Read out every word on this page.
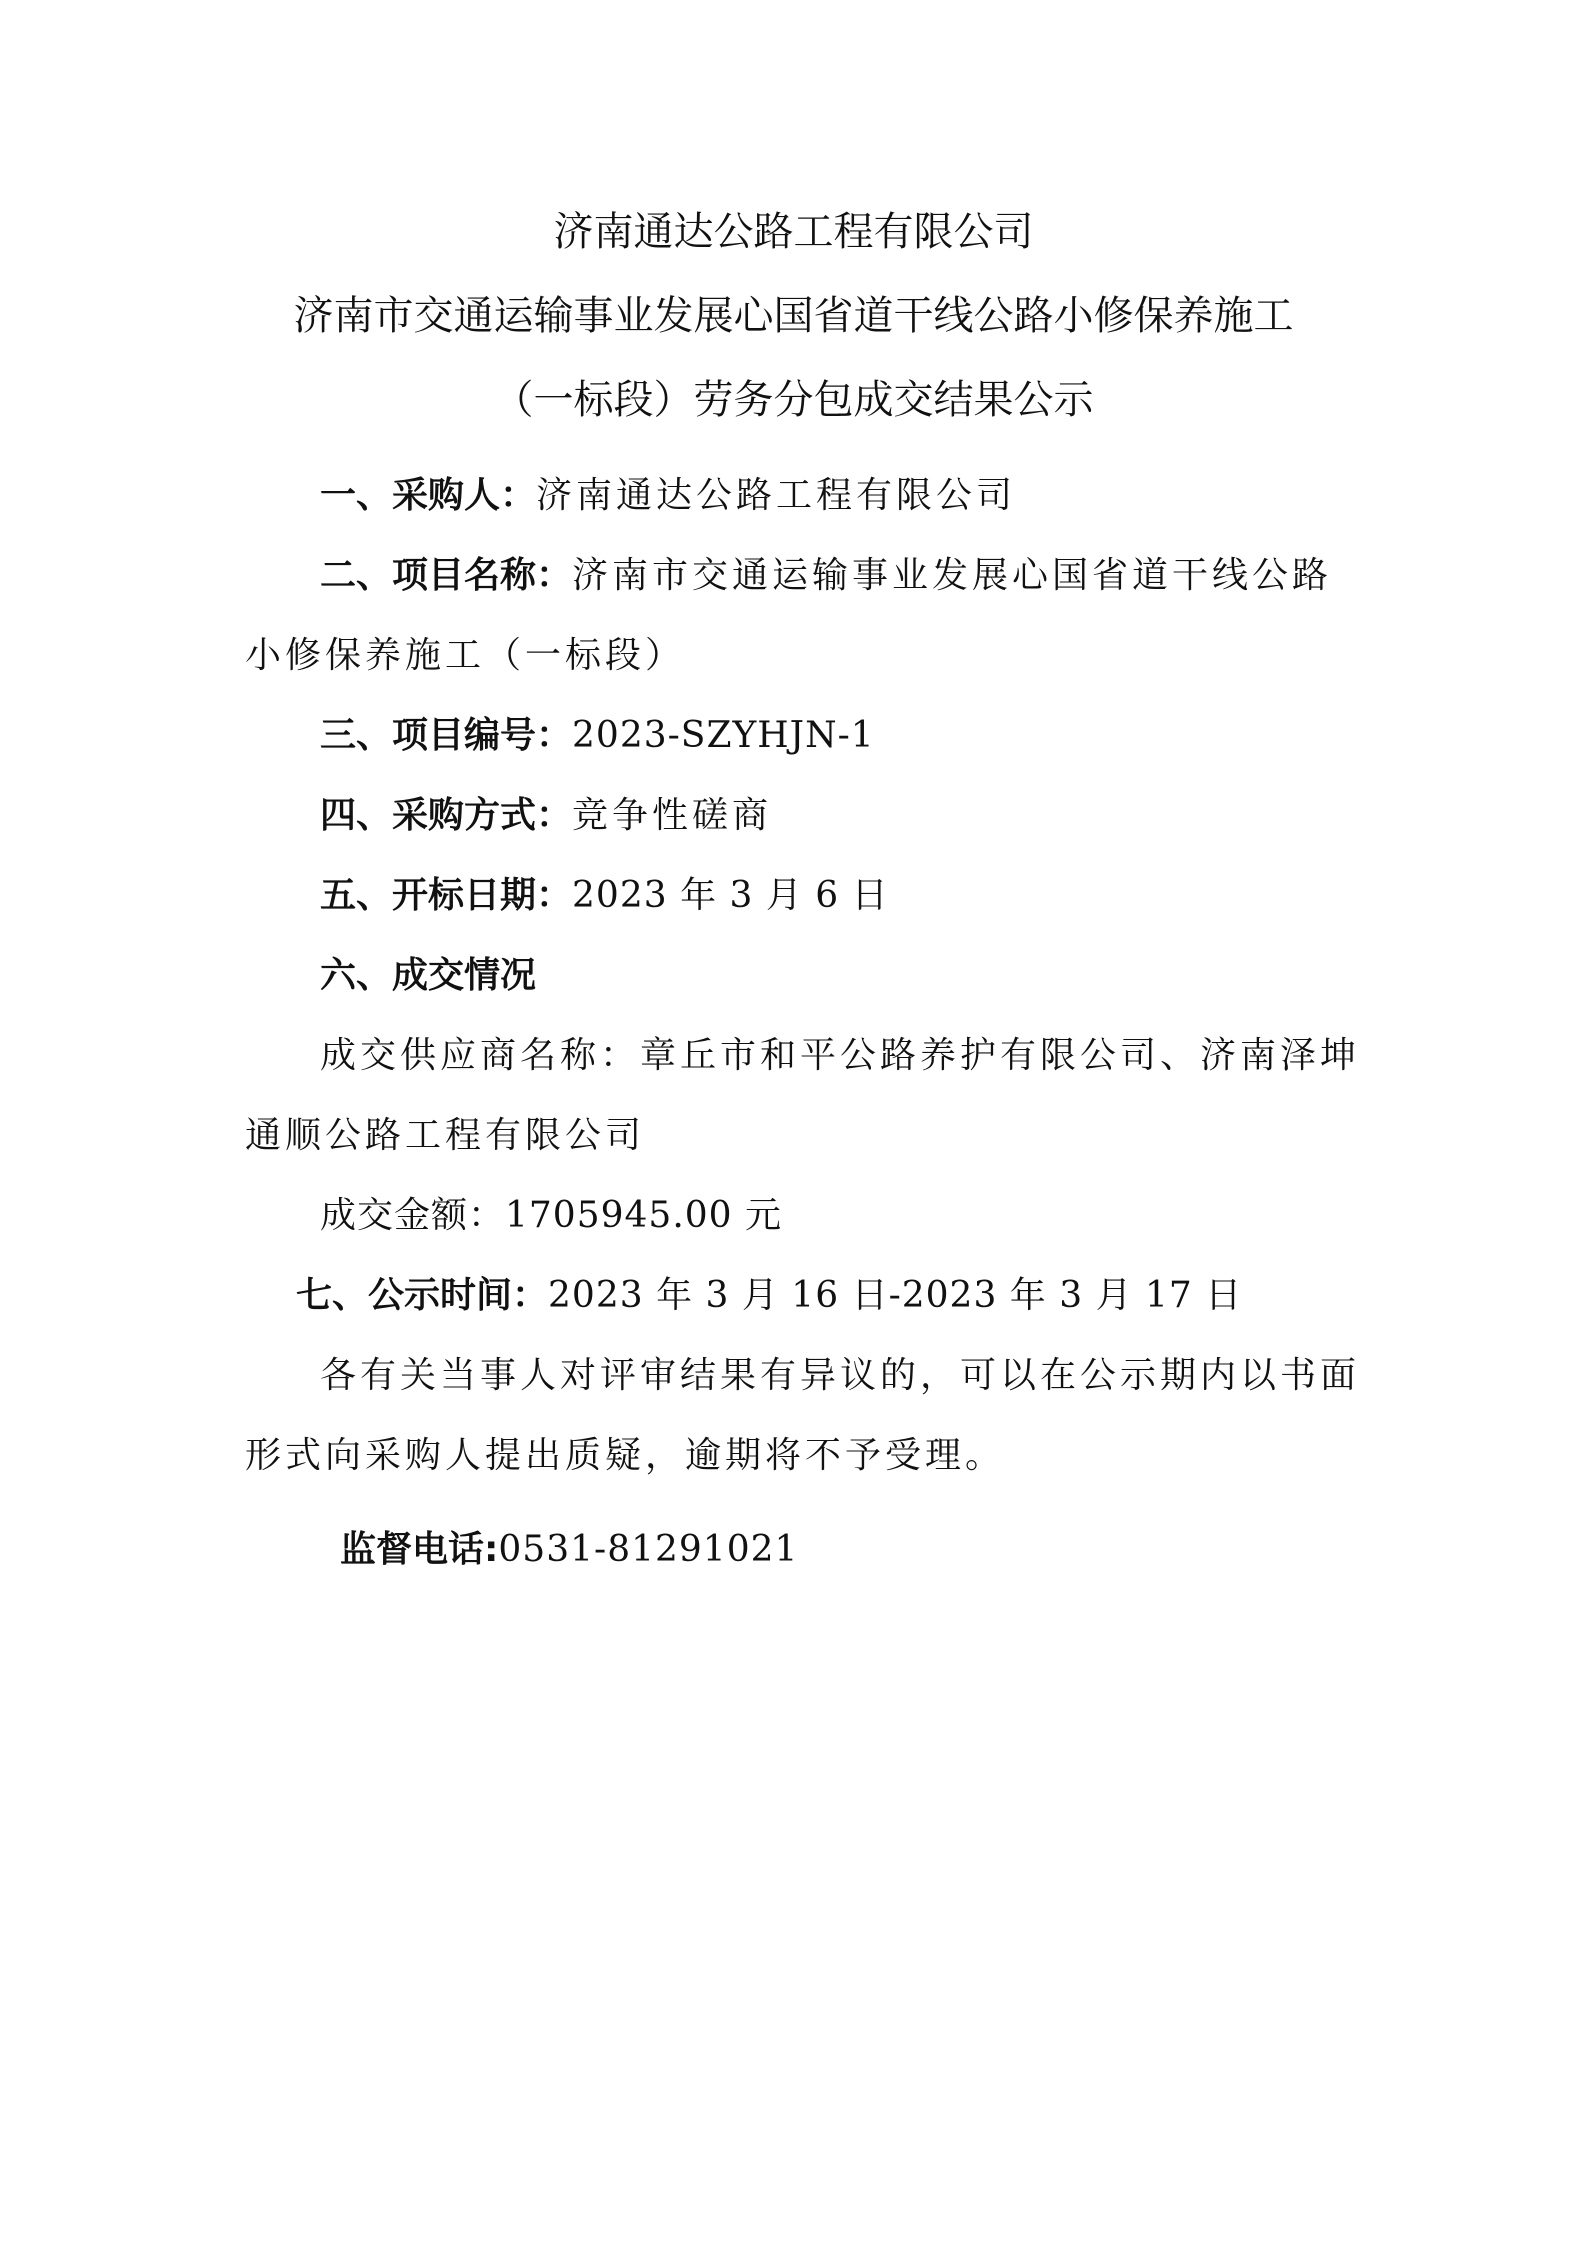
济南通达公路工程有限公司
济南市交通运输事业发展心国省道干线公路小修保养施工
（一标段）劳务分包成交结果公示
一、采购人：济南通达公路工程有限公司
二、项目名称：济南市交通运输事业发展心国省道干线公路
小修保养施工（一标段）
三、项目编号：2023-SZYHJN-1
四、采购方式：竞争性磋商
五、开标日期：2023 年 3 月 6 日
六、成交情况
成交供应商名称：章丘市和平公路养护有限公司、济南泽坤
通顺公路工程有限公司
成交金额：1705945.00 元
七、公示时间：2023 年 3 月 16 日-2023 年 3 月 17 日
各有关当事人对评审结果有异议的，可以在公示期内以书面
形式向采购人提出质疑，逾期将不予受理。
监督电话:0531-81291021
